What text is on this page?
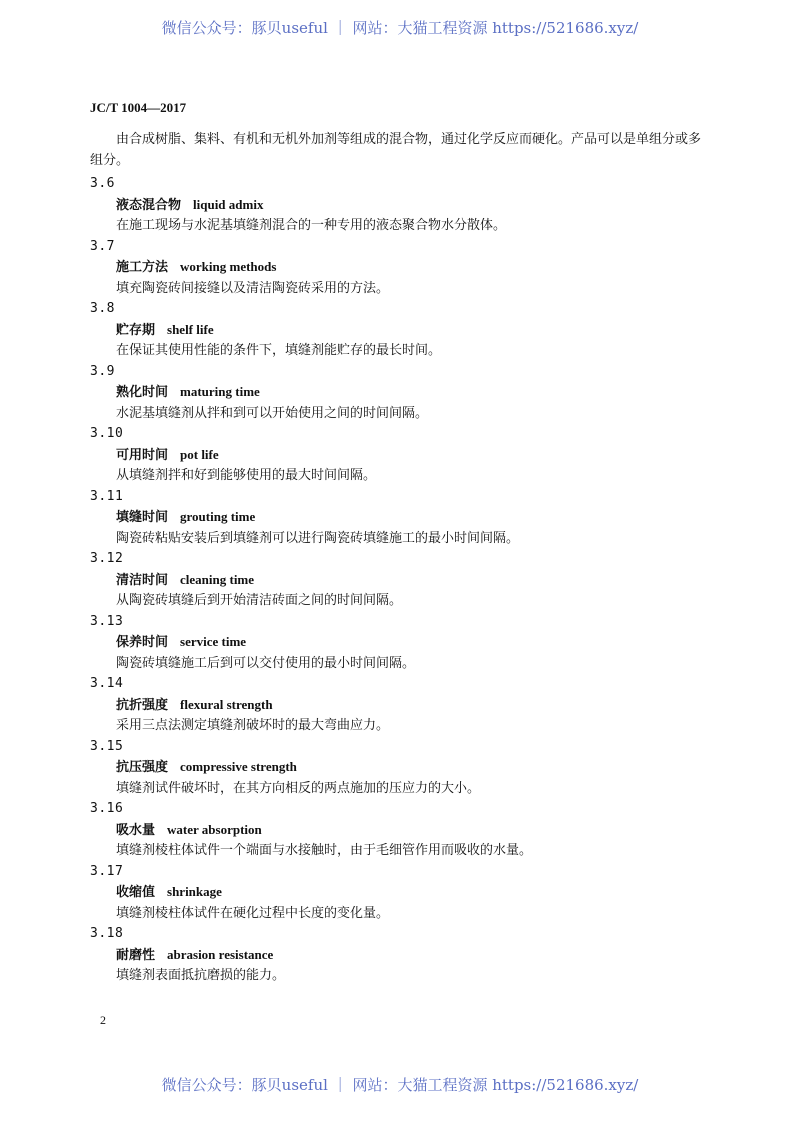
微信公众号：豚贝useful ｜ 网站：大猫工程资源 https://521686.xyz/
JC/T 1004—2017

由合成树脂、集料、有机和无机外加剂等组成的混合物，通过化学反应而硬化。产品可以是单组分或多组分。

3.6
液态混合物 liquid admix
在施工现场与水泥基填缝剂混合的一种专用的液态聚合物水分散体。
3.7
施工方法 working methods
填充陶瓷砖间接缝以及清洁陶瓷砖采用的方法。
3.8
贮存期 shelf life
在保证其使用性能的条件下，填缝剂能贮存的最长时间。
3.9
熟化时间 maturing time
水泥基填缝剂从拌和到可以开始使用之间的时间间隔。
3.10
可用时间 pot life
从填缝剂拌和好到能够使用的最大时间间隔。
3.11
填缝时间 grouting time
陶瓷砖粘贴安装后到填缝剂可以进行陶瓷砖填缝施工的最小时间间隔。
3.12
清洁时间 cleaning time
从陶瓷砖填缝后到开始清洁砖面之间的时间间隔。
3.13
保养时间 service time
陶瓷砖填缝施工后到可以交付使用的最小时间间隔。
3.14
抗折强度 flexural strength
采用三点法测定填缝剂破坏时的最大弯曲应力。
3.15
抗压强度 compressive strength
填缝剂试件破坏时，在其方向相反的两点施加的压应力的大小。
3.16
吸水量 water absorption
填缝剂棱柱体试件一个端面与水接触时，由于毛细管作用而吸收的水量。
3.17
收缩值 shrinkage
填缝剂棱柱体试件在硬化过程中长度的变化量。
3.18
耐磨性 abrasion resistance
填缝剂表面抵抗磨损的能力。
2
微信公众号：豚贝useful ｜ 网站：大猫工程资源 https://521686.xyz/
